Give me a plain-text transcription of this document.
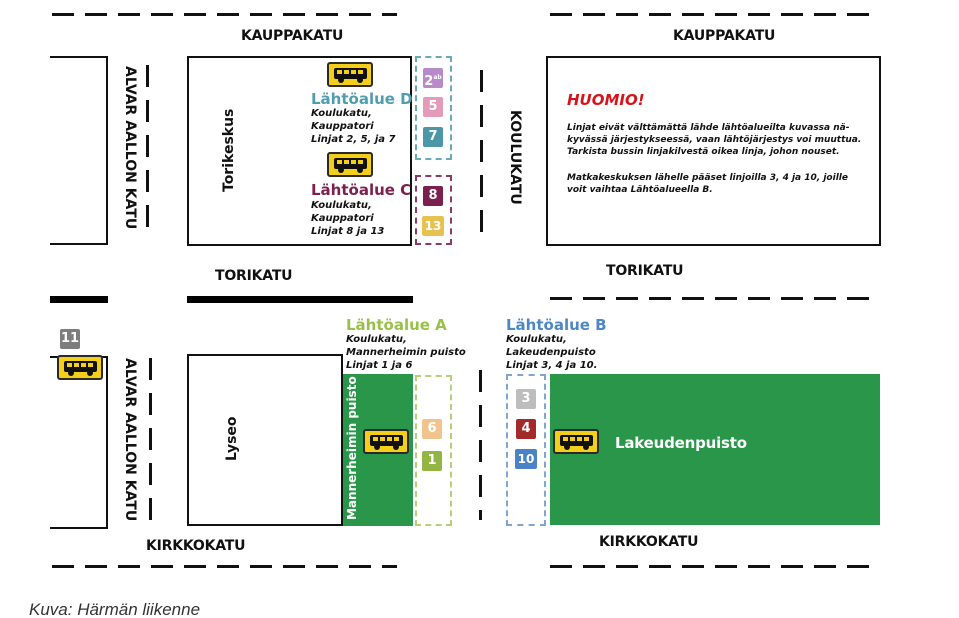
KAUPPAKATU	KAUPPAKATU
ALVAR AALLON KATU
11
ALVAR AALLON KATU
Torikeskus
Lähtöalue D
Koulukatu,
Kauppatori
Linjat 2, 5, ja 7
Lähtöalue C
Koulukatu,
Kauppatori
Linjat 8 ja 13
$2^{ab}$
5
7
8
13
KOULUKATU
HUOMIO!
Linjat eivät välttämättä lähde lähtöalueilta kuvassa nä-
kyvässä järjestykseessä, vaan lähtöjärjestys voi muuttua.
Tarkista bussin linjakilvestä oikea linja, johon nouset.
Matkakeskuksen lähelle pääset linjoilla 3, 4 ja 10, joille
voit vaihtaa Lähtöalueella B.
TORIKATU	TORIKATU
Lyseo	Mannerheimin puisto
Lähtöalue A
Koulukatu,
Mannerheimin puisto
Linjat 1 ja 6
6
1
Lähtöalue B
Koulukatu,
Lakeudenpuisto
Linjat 3, 4 ja 10.
3
4
10
Lakeudenpuisto
KIRKKOKATU	KIRKKOKATU
Kuva: Härmän liikenne
